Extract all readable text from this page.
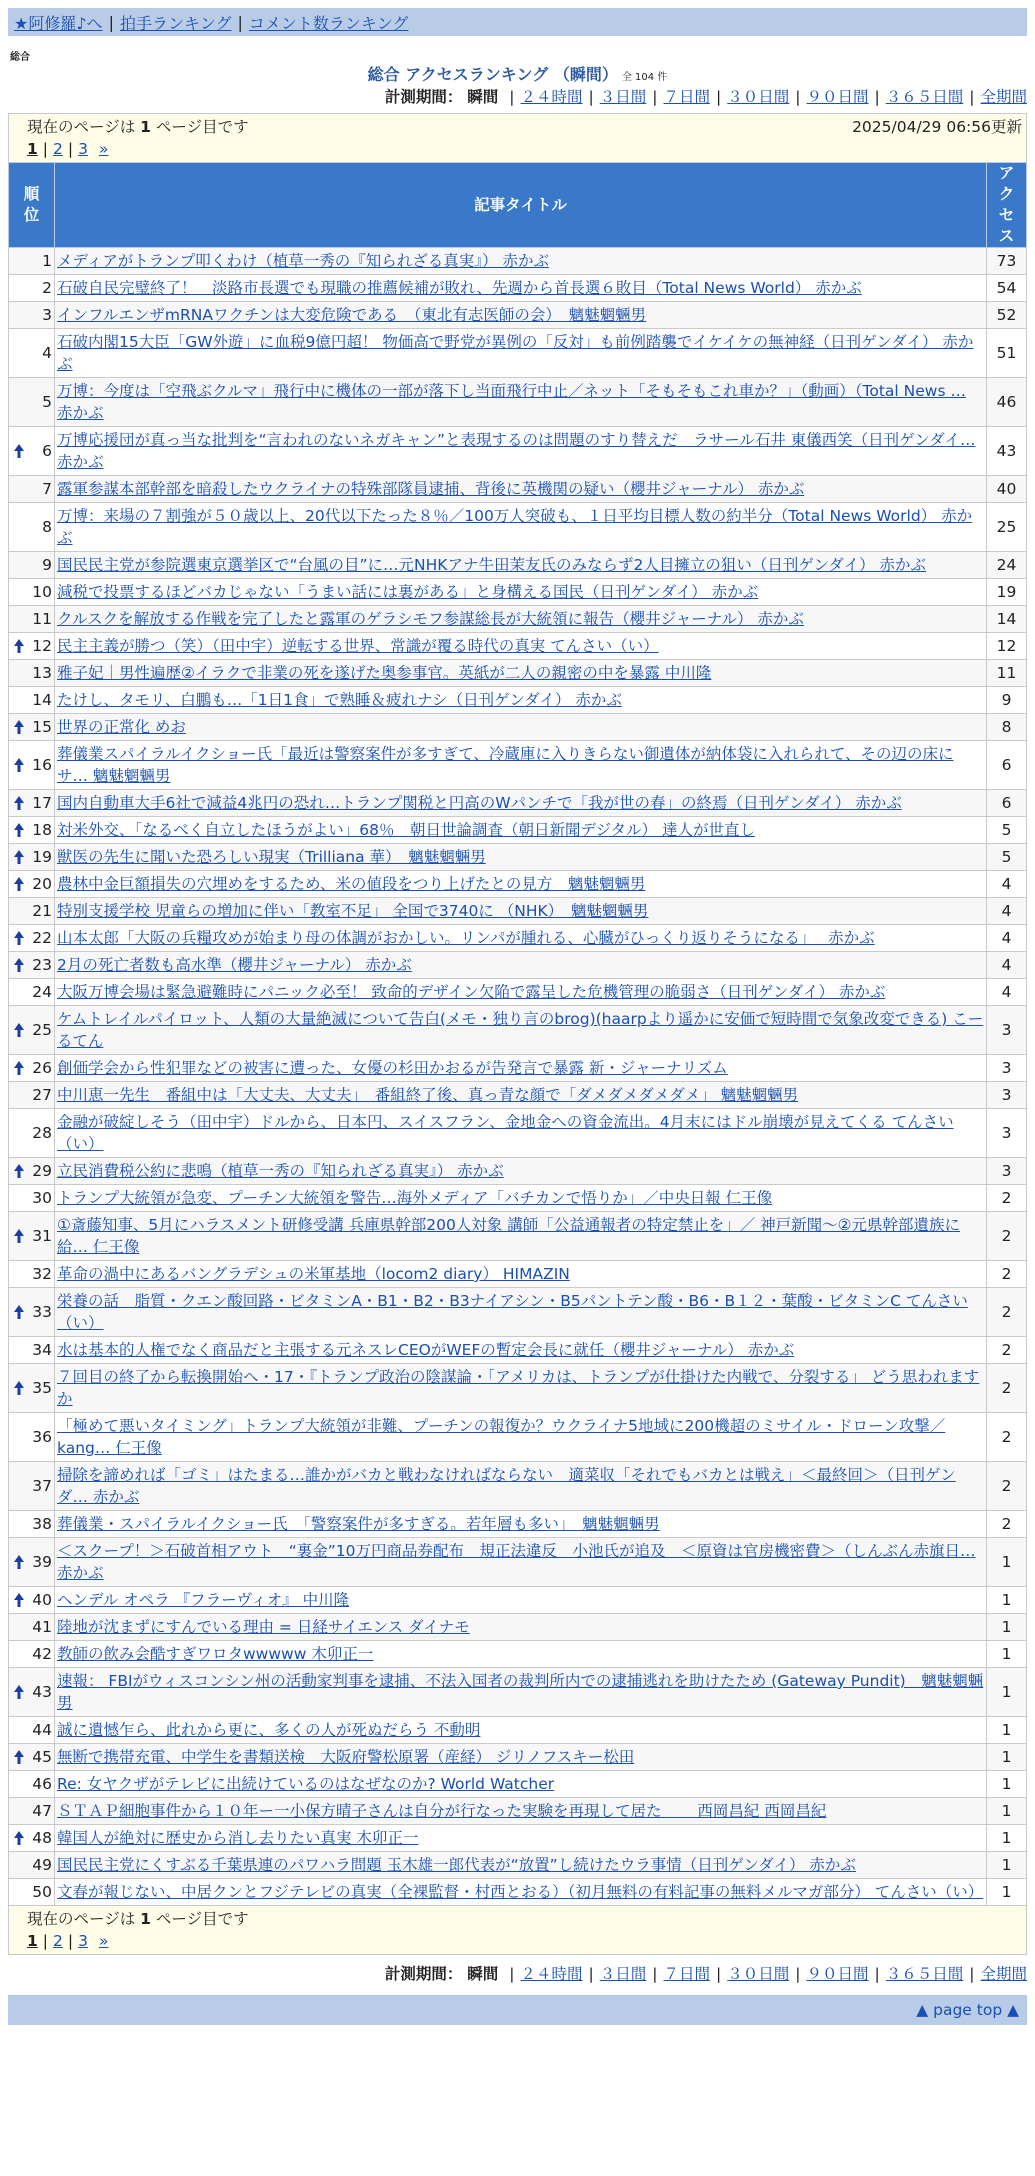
★阿修羅♪へ | 拍手ランキング | コメント数ランキング
総合
総合 アクセスランキング （瞬間） 全 104 件
計測期間： 瞬間 | ２４時間 | ３日間 | ７日間 | ３０日間 | ９０日間 | ３６５日間 | 全期間
現在のページは 1 ページ目です	2025/04/29 06:56更新
1 | 2 | 3 »
順位	記事タイトル	アクセス

1	メディアがトランプ叩くわけ（植草一秀の『知られざる真実』） 赤かぶ	73
2	石破自民完璧終了！　淡路市長選でも現職の推薦候補が敗れ、先週から首長選６敗目（Total News World） 赤かぶ	54
3	インフルエンザmRNAワクチンは大変危険である　（東北有志医師の会）　魑魅魍魎男	52
4	石破内閣15大臣「GW外遊」に血税9億円超！ 物価高で野党が異例の「反対」も前例踏襲でイケイケの無神経（日刊ゲンダイ） 赤かぶ	51
5	万博：今度は「空飛ぶクルマ」飛行中に機体の一部が落下し当面飛行中止／ネット「そもそもこれ車か？」（動画）（Total News … 赤かぶ	46

6	万博応援団が真っ当な批判を“言われのないネガキャン”と表現するのは問題のすり替えだ　ラサール石井 東儀西笑（日刊ゲンダイ… 赤かぶ	43
7	露軍参謀本部幹部を暗殺したウクライナの特殊部隊員逮捕、背後に英機関の疑い（櫻井ジャーナル） 赤かぶ	40
8	万博：来場の７割強が５０歳以上、20代以下たった８％／100万人突破も、１日平均目標人数の約半分（Total News World） 赤かぶ	25
9	国民民主党が参院選東京選挙区で“台風の目”に…元NHKアナ牛田茉友氏のみならず2人目擁立の狙い（日刊ゲンダイ） 赤かぶ	24
10	減税で投票するほどバカじゃない「うまい話には裏がある」と身構える国民（日刊ゲンダイ） 赤かぶ	19
11	クルスクを解放する作戦を完了したと露軍のゲラシモフ参謀総長が大統領に報告（櫻井ジャーナル） 赤かぶ	14

12	民主主義が勝つ（笑）（田中宇）逆転する世界、常識が覆る時代の真実 てんさい（い）	12
13	雅子妃｜男性遍歴②イラクで非業の死を遂げた奥参事官。英紙が二人の親密の中を暴露 中川隆	11
14	たけし、タモリ、白鵬も…「1日1食」で熟睡＆疲れナシ（日刊ゲンダイ） 赤かぶ	9

15	世界の正常化 めお	8

16	葬儀業スパイラルイクショー氏「最近は警察案件が多すぎて、冷蔵庫に入りきらない御遺体が納体袋に入れられて、その辺の床にサ… 魑魅魍魎男	6

17	国内自動車大手6社で減益4兆円の恐れ…トランプ関税と円高のWパンチで「我が世の春」の終焉（日刊ゲンダイ） 赤かぶ	6

18	対米外交、「なるべく自立したほうがよい」68％　朝日世論調査（朝日新聞デジタル） 達人が世直し	5

19	獣医の先生に聞いた恐ろしい現実（Trilliana 華）　魑魅魍魎男	5

20	農林中金巨額損失の穴埋めをするため、米の値段をつり上げたとの見方　魑魅魍魎男	4
21	特別支援学校 児童らの増加に伴い「教室不足」 全国で3740に （NHK）　魑魅魍魎男	4

22	山本太郎「大阪の兵糧攻めが始まり母の体調がおかしい。リンパが腫れる、心臓がひっくり返りそうになる」　 赤かぶ	4

23	2月の死亡者数も高水準（櫻井ジャーナル） 赤かぶ	4
24	大阪万博会場は緊急避難時にパニック必至！ 致命的デザイン欠陥で露呈した危機管理の脆弱さ（日刊ゲンダイ） 赤かぶ	4

25	ケムトレイルパイロット、人類の大量絶滅について告白(メモ・独り言のbrog)(haarpより遥かに安価で短時間で気象改変できる) こーるてん	3

26	創価学会から性犯罪などの被害に遭った、女優の杉田かおるが告発言で暴露 新・ジャーナリズム	3
27	中川恵一先生　番組中は「大丈夫、大丈夫」　番組終了後、真っ青な顔で「ダメダメダメダメ」 魑魅魍魎男	3
28	金融が破綻しそう（田中宇）ドルから、日本円、スイスフラン、金地金への資金流出。4月末にはドル崩壊が見えてくる てんさい（い）	3

29	立民消費税公約に悲鳴（植草一秀の『知られざる真実』） 赤かぶ	3
30	トランプ大統領が急変、プーチン大統領を警告…海外メディア「バチカンで悟りか」／中央日報 仁王像	2

31	①斎藤知事、5月にハラスメント研修受講 兵庫県幹部200人対象 講師「公益通報者の特定禁止を」／ 神戸新聞～②元県幹部遺族に給… 仁王像	2
32	革命の渦中にあるバングラデシュの米軍基地（locom2 diary） HIMAZIN	2

33	栄養の話　脂質・クエン酸回路・ビタミンA・B1・B2・B3ナイアシン・B5パントテン酸・B6・B１２・葉酸・ビタミンC てんさい（い）	2
34	水は基本的人権でなく商品だと主張する元ネスレCEOがWEFの暫定会長に就任（櫻井ジャーナル） 赤かぶ	2

35	７回目の終了から転換開始へ・17・『トランプ政治の陰謀論・「アメリカは、トランプが仕掛けた内戦で、分裂する」 どう思われますか	2
36	「極めて悪いタイミング」トランプ大統領が非難、プーチンの報復か？ウクライナ5地域に200機超のミサイル・ドローン攻撃／kang… 仁王像	2
37	掃除を諦めれば「ゴミ」はたまる…誰かがバカと戦わなければならない　適菜収「それでもバカとは戦え」＜最終回＞（日刊ゲンダ… 赤かぶ	2
38	葬儀業・スパイラルイクショー氏　「警察案件が多すぎる。若年層も多い」　魑魅魍魎男	2

39	＜スクープ！＞石破首相アウト　“裏金”10万円商品券配布　規正法違反　小池氏が追及　＜原資は官房機密費＞（しんぶん赤旗日… 赤かぶ	1

40	ヘンデル オペラ 『フラーヴィオ』 中川隆	1
41	陸地が沈まずにすんでいる理由 = 日経サイエンス ダイナモ	1
42	教師の飲み会酷すぎワロタwwwww 木卯正一	1

43	速報： FBIがウィスコンシン州の活動家判事を逮捕、不法入国者の裁判所内での逮捕逃れを助けたため (Gateway Pundit)　魑魅魍魎男	1
44	誠に遺憾乍ら、此れから更に、多くの人が死ぬだらう 不動明	1

45	無断で携帯充電、中学生を書類送検　大阪府警松原署（産経） ジリノフスキー松田	1
46	Re: 女ヤクザがテレビに出続けているのはなぜなのか? World Watcher	1
47	ＳＴＡＰ細胞事件から１０年ー一小保方晴子さんは自分が行なった実験を再現して居た　　 西岡昌紀 西岡昌紀	1

48	韓国人が絶対に歴史から消し去りたい真実 木卯正一	1
49	国民民主党にくすぶる千葉県連のパワハラ問題 玉木雄一郎代表が“放置”し続けたウラ事情（日刊ゲンダイ） 赤かぶ	1
50	文春が報じない、中居クンとフジテレビの真実（全裸監督・村西とおる）（初月無料の有料記事の無料メルマガ部分） てんさい（い）	1
現在のページは 1 ページ目です
1 | 2 | 3 »
計測期間： 瞬間 | ２４時間 | ３日間 | ７日間 | ３０日間 | ９０日間 | ３６５日間 | 全期間
▲ page top ▲
